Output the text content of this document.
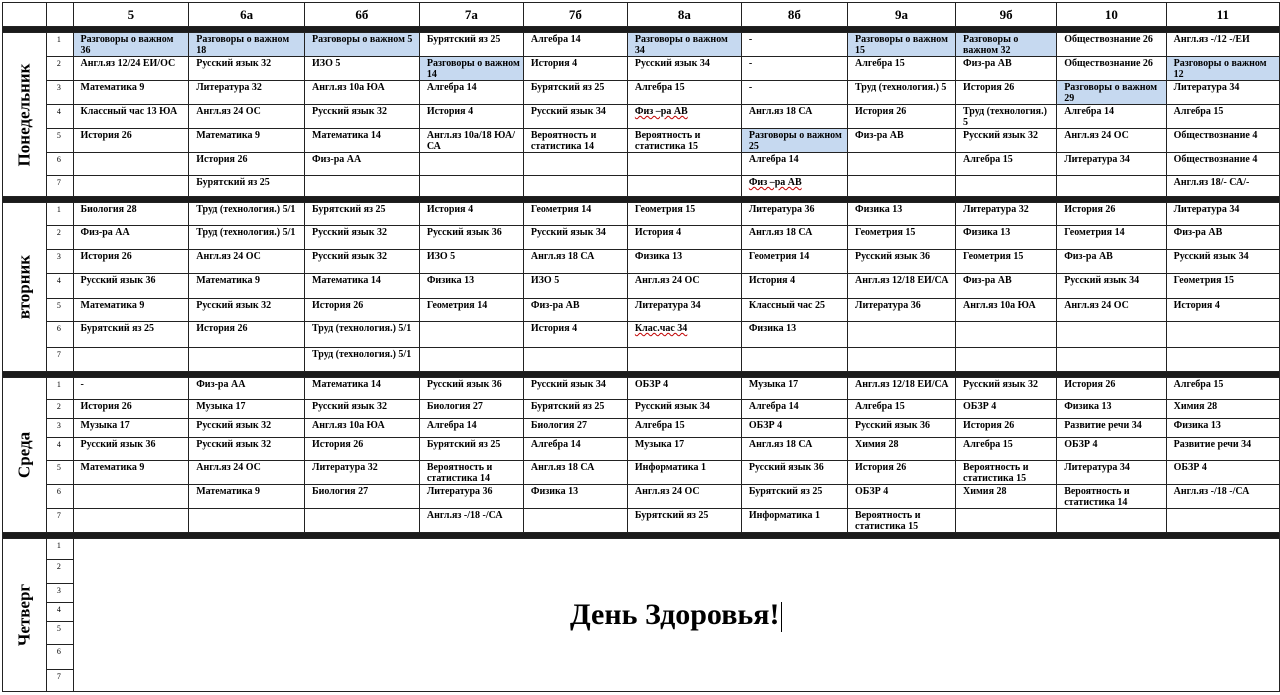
		5	6а	6б	7а	7б	8а	8б	9а	9б	10	11

Понедельник	1	Разговоры о важном 36	Разговоры о важном 18	Разговоры о важном 5	Бурятский яз 25	Алгебра 14	Разговоры о важном 34	-	Разговоры о важном 15	Разговоры о важном 32	Обществознание 26	Англ.яз -/12 -/ЕИ
	2	Англ.яз 12/24 ЕИ/ОС	Русский язык 32	ИЗО 5	Разговоры о важном 14	История 4	Русский язык 34	-	Алгебра 15	Физ-ра АВ	Обществознание 26	Разговоры о важном 12
	3	Математика 9	Литература 32	Англ.яз 10а ЮА	Алгебра 14	Бурятский яз 25	Алгебра 15	-	Труд (технология.) 5	История 26	Разговоры о важном 29	Литература 34
	4	Классный час 13 ЮА	Англ.яз 24 ОС	Русский язык 32	История 4	Русский язык 34	Физ –ра АВ	Англ.яз 18 СА	История 26	Труд (технология.) 5	Алгебра 14	Алгебра 15
	5	История 26	Математика 9	Математика 14	Англ.яз 10а/18 ЮА/СА	Вероятность и статистика 14	Вероятность и статистика 15	Разговоры о важном 25	Физ-ра АВ	Русский язык 32	Англ.яз 24 ОС	Обществознание 4
	6		История 26	Физ-ра АА				Алгебра 14		Алгебра 15	Литература 34	Обществознание 4
	7		Бурятский яз 25					Физ –ра АВ				Англ.яз 18/- СА/-

вторник	1	Биология 28	Труд (технология.) 5/1	Бурятский яз 25	История 4	Геометрия 14	Геометрия 15	Литература 36	Физика 13	Литература 32	История 26	Литература 34
	2	Физ-ра АА	Труд (технология.) 5/1	Русский язык 32	Русский язык 36	Русский язык 34	История 4	Англ.яз 18 СА	Геометрия 15	Физика 13	Геометрия 14	Физ-ра АВ
	3	История 26	Англ.яз 24 ОС	Русский язык 32	ИЗО 5	Англ.яз 18 СА	Физика 13	Геометрия 14	Русский язык 36	Геометрия 15	Физ-ра АВ	Русский язык 34
	4	Русский язык 36	Математика 9	Математика 14	Физика 13	ИЗО 5	Англ.яз 24 ОС	История 4	Англ.яз 12/18 ЕИ/СА	Физ-ра АВ	Русский язык 34	Геометрия 15
	5	Математика 9	Русский язык 32	История 26	Геометрия 14	Физ-ра АВ	Литература 34	Классный час 25	Литература 36	Англ.яз 10а ЮА	Англ.яз 24 ОС	История 4
	6	Бурятский яз 25	История 26	Труд (технология.) 5/1		История 4	Клас.час 34	Физика 13				
	7			Труд (технология.) 5/1								

Среда	1	-	Физ-ра АА	Математика 14	Русский язык 36	Русский язык 34	ОБЗР 4	Музыка 17	Англ.яз 12/18 ЕИ/СА	Русский язык 32	История 26	Алгебра 15
	2	История 26	Музыка 17	Русский язык 32	Биология 27	Бурятский яз 25	Русский язык 34	Алгебра 14	Алгебра 15	ОБЗР 4	Физика 13	Химия 28
	3	Музыка 17	Русский язык 32	Англ.яз 10а ЮА	Алгебра 14	Биология 27	Алгебра 15	ОБЗР 4	Русский язык 36	История 26	Развитие речи 34	Физика 13
	4	Русский язык 36	Русский язык 32	История 26	Бурятский яз 25	Алгебра 14	Музыка 17	Англ.яз 18 СА	Химия 28	Алгебра 15	ОБЗР 4	Развитие речи 34
	5	Математика 9	Англ.яз 24 ОС	Литература 32	Вероятность и статистика 14	Англ.яз 18 СА	Информатика 1	Русский язык 36	История 26	Вероятность и статистика 15	Литература 34	ОБЗР 4
	6		Математика 9	Биология 27	Литература 36	Физика 13	Англ.яз 24 ОС	Бурятский яз 25	ОБЗР 4	Химия 28	Вероятность и статистика 14	Англ.яз -/18 -/СА
	7				Англ.яз -/18 -/СА		Бурятский яз 25	Информатика 1	Вероятность и статистика 15			

Четверг	1	День Здоровья!										
	2											
	3											
	4											
	5											
	6											
	7											
